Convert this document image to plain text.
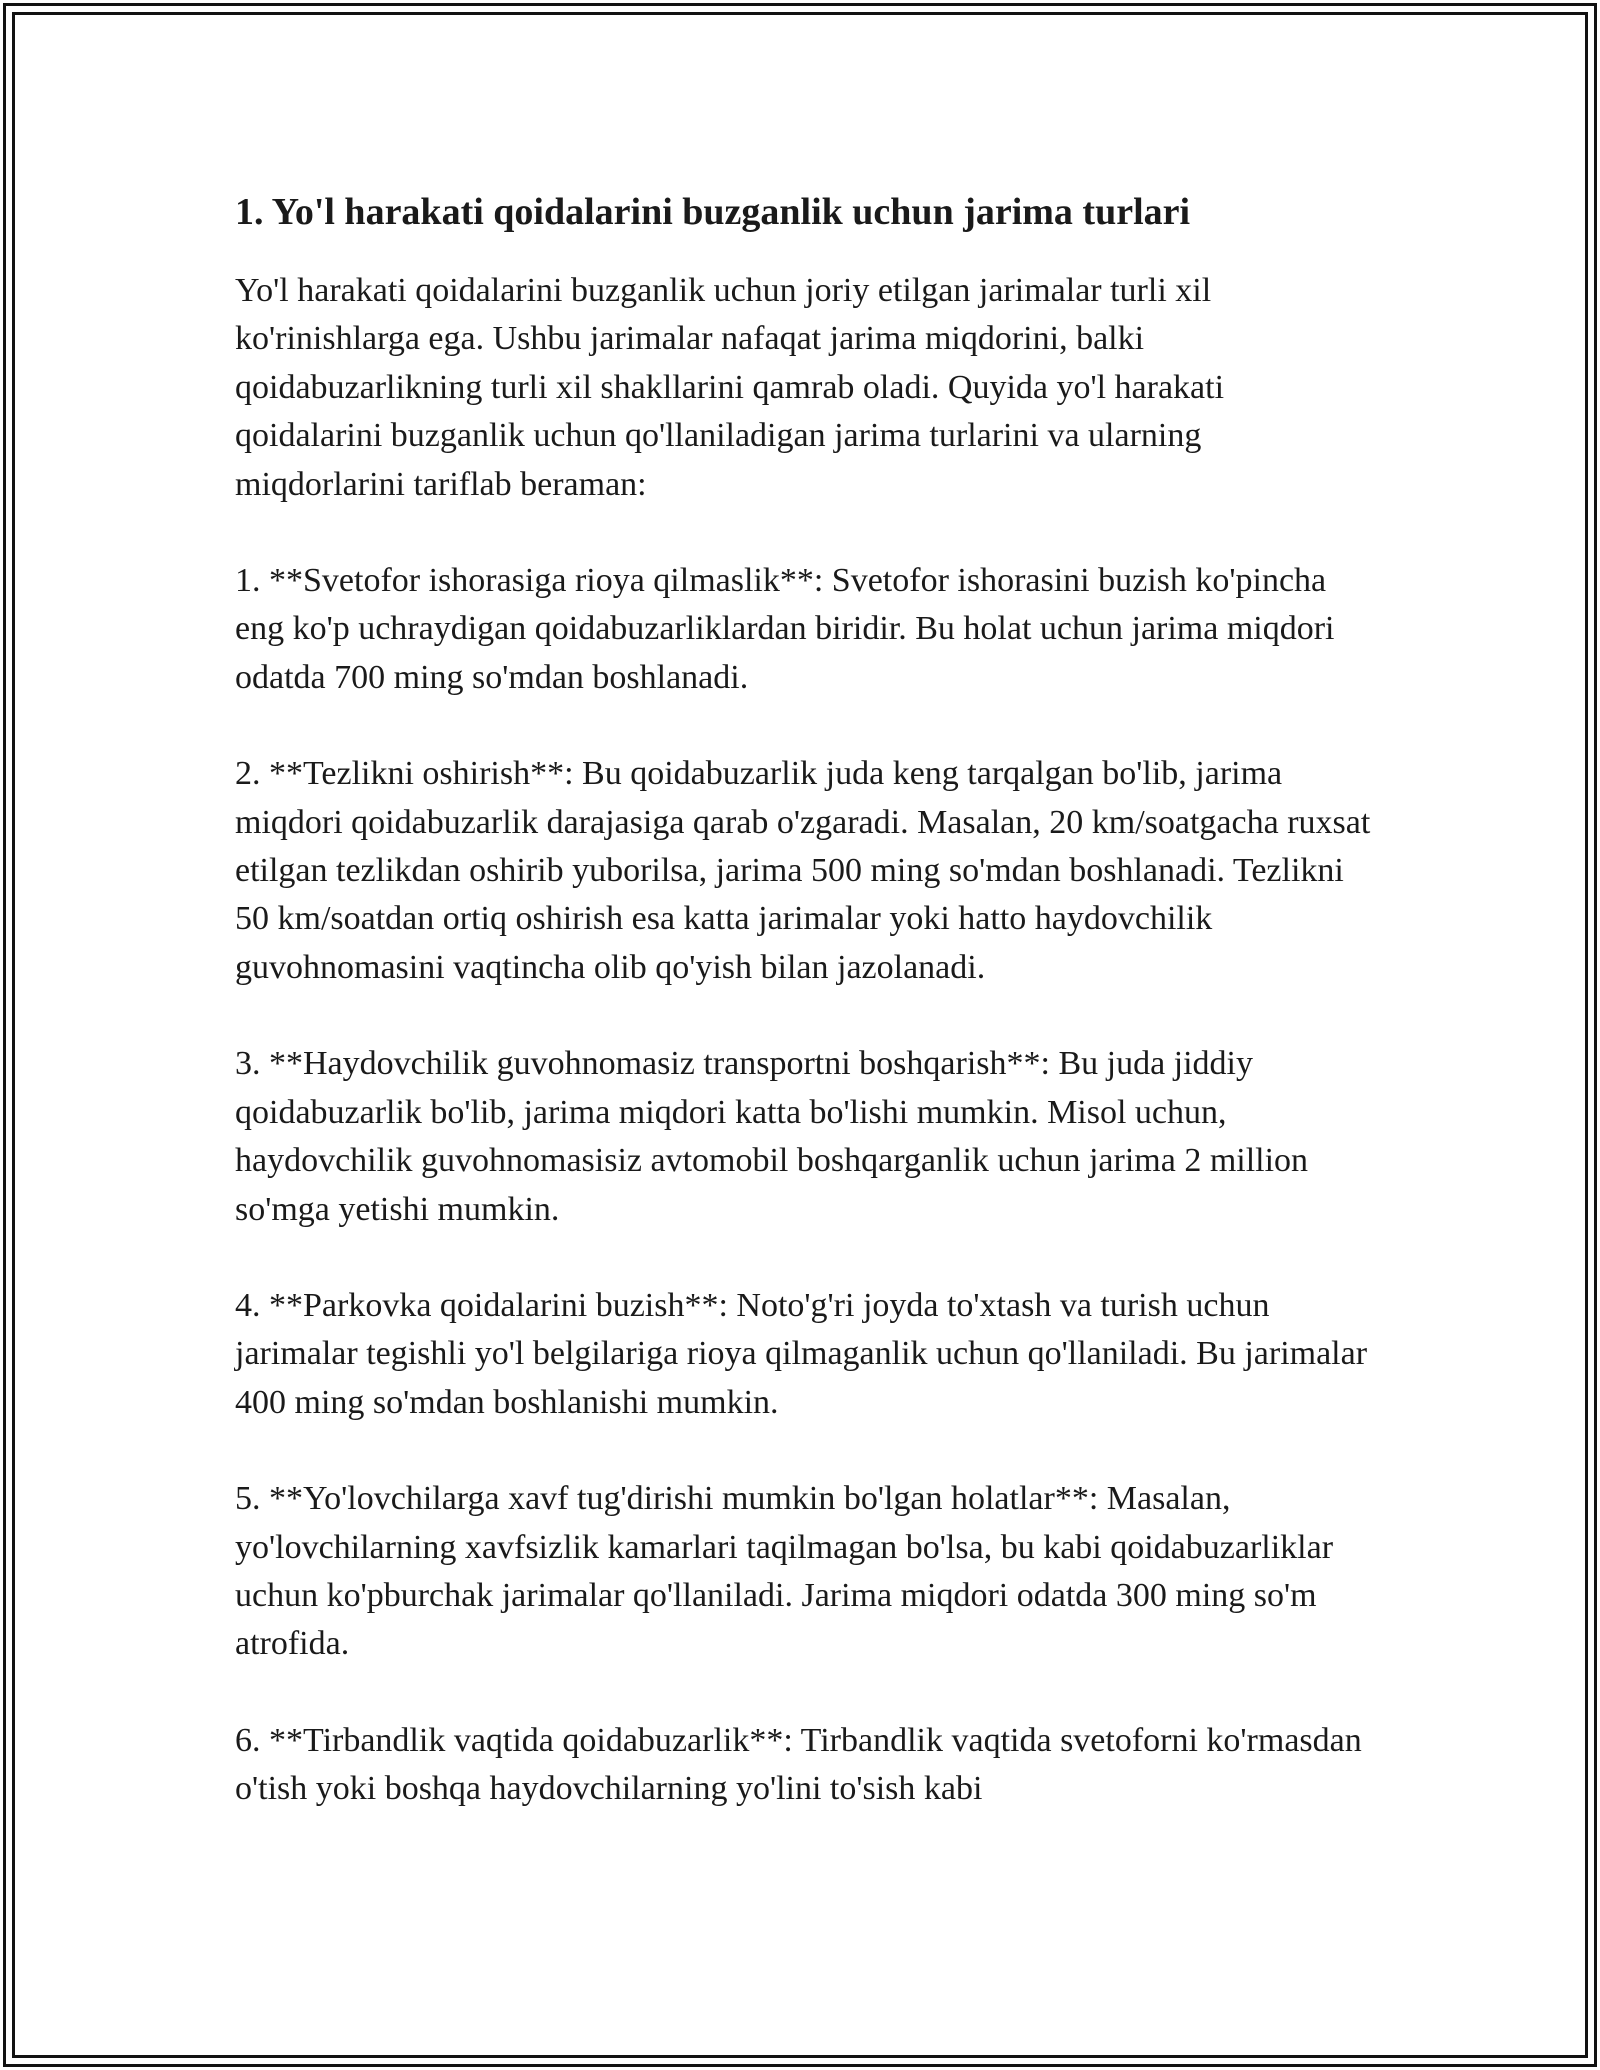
1. Yo'l harakati qoidalarini buzganlik uchun jarima turlari

Yo'l harakati qoidalarini buzganlik uchun joriy etilgan jarimalar turli xil ko'rinishlarga ega. Ushbu jarimalar nafaqat jarima miqdorini, balki qoidabuzarlikning turli xil shakllarini qamrab oladi. Quyida yo'l harakati qoidalarini buzganlik uchun qo'llaniladigan jarima turlarini va ularning miqdorlarini tariflab beraman:

1. **Svetofor ishorasiga rioya qilmaslik**: Svetofor ishorasini buzish ko'pincha eng ko'p uchraydigan qoidabuzarliklardan biridir. Bu holat uchun jarima miqdori odatda 700 ming so'mdan boshlanadi.

2. **Tezlikni oshirish**: Bu qoidabuzarlik juda keng tarqalgan bo'lib, jarima miqdori qoidabuzarlik darajasiga qarab o'zgaradi. Masalan, 20 km/soatgacha ruxsat etilgan tezlikdan oshirib yuborilsa, jarima 500 ming so'mdan boshlanadi. Tezlikni 50 km/soatdan ortiq oshirish esa katta jarimalar yoki hatto haydovchilik guvohnomasini vaqtincha olib qo'yish bilan jazolanadi.

3. **Haydovchilik guvohnomasiz transportni boshqarish**: Bu juda jiddiy qoidabuzarlik bo'lib, jarima miqdori katta bo'lishi mumkin. Misol uchun, haydovchilik guvohnomasisiz avtomobil boshqarganlik uchun jarima 2 million so'mga yetishi mumkin.

4. **Parkovka qoidalarini buzish**: Noto'g'ri joyda to'xtash va turish uchun jarimalar tegishli yo'l belgilariga rioya qilmaganlik uchun qo'llaniladi. Bu jarimalar 400 ming so'mdan boshlanishi mumkin.

5. **Yo'lovchilarga xavf tug'dirishi mumkin bo'lgan holatlar**: Masalan, yo'lovchilarning xavfsizlik kamarlari taqilmagan bo'lsa, bu kabi qoidabuzarliklar uchun ko'pburchak jarimalar qo'llaniladi. Jarima miqdori odatda 300 ming so'm atrofida.

6. **Tirbandlik vaqtida qoidabuzarlik**: Tirbandlik vaqtida svetoforni ko'rmasdan o'tish yoki boshqa haydovchilarning yo'lini to'sish kabi
